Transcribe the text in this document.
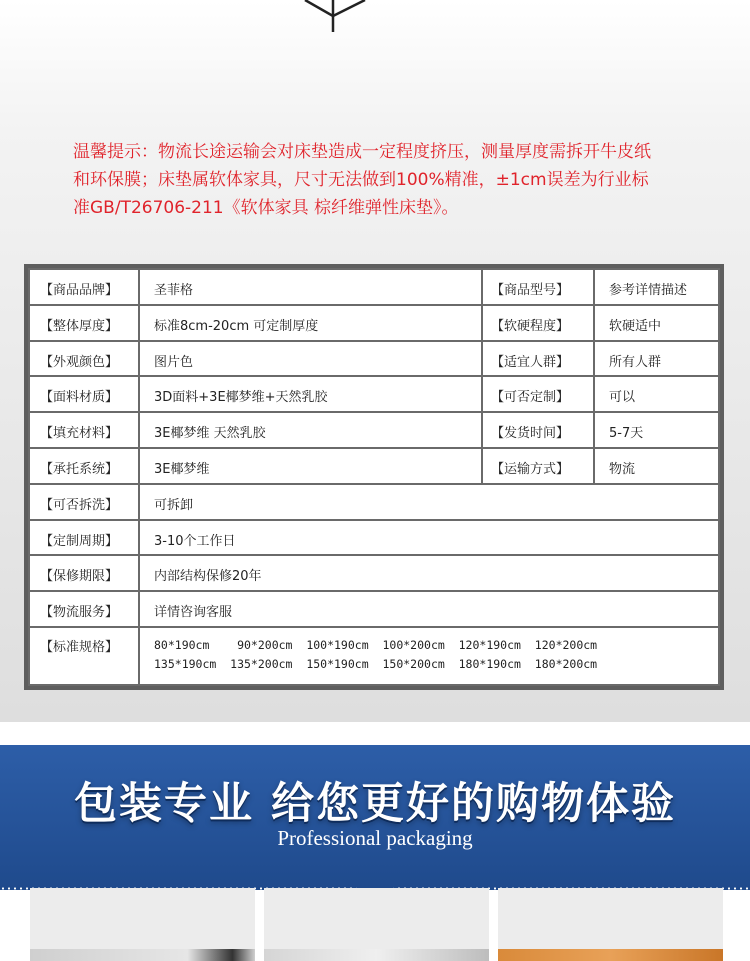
温馨提示：物流长途运输会对床垫造成一定程度挤压，测量厚度需拆开牛皮纸
和环保膜；床垫属软体家具，尺寸无法做到100%精准，±1cm误差为行业标
准GB/T26706-211《软体家具 棕纤维弹性床垫》。
【商品品牌】	圣菲格	【商品型号】	参考详情描述
【整体厚度】	标准8cm-20cm 可定制厚度	【软硬程度】	软硬适中
【外观颜色】	图片色	【适宜人群】	所有人群
【面料材质】	3D面料+3E椰梦维+天然乳胶	【可否定制】	可以
【填充材料】	3E椰梦维 天然乳胶	【发货时间】	5-7天
【承托系统】	3E椰梦维	【运输方式】	物流
【可否拆洗】	可拆卸		
【定制周期】	3-10个工作日		
【保修期限】	内部结构保修20年		
【物流服务】	详情咨询客服		
【标准规格】	80*190cm    90*200cm  100*190cm  100*200cm  120*190cm  120*200cm
135*190cm  135*200cm  150*190cm  150*200cm  180*190cm  180*200cm		
包装专业 给您更好的购物体验
Professional packaging
